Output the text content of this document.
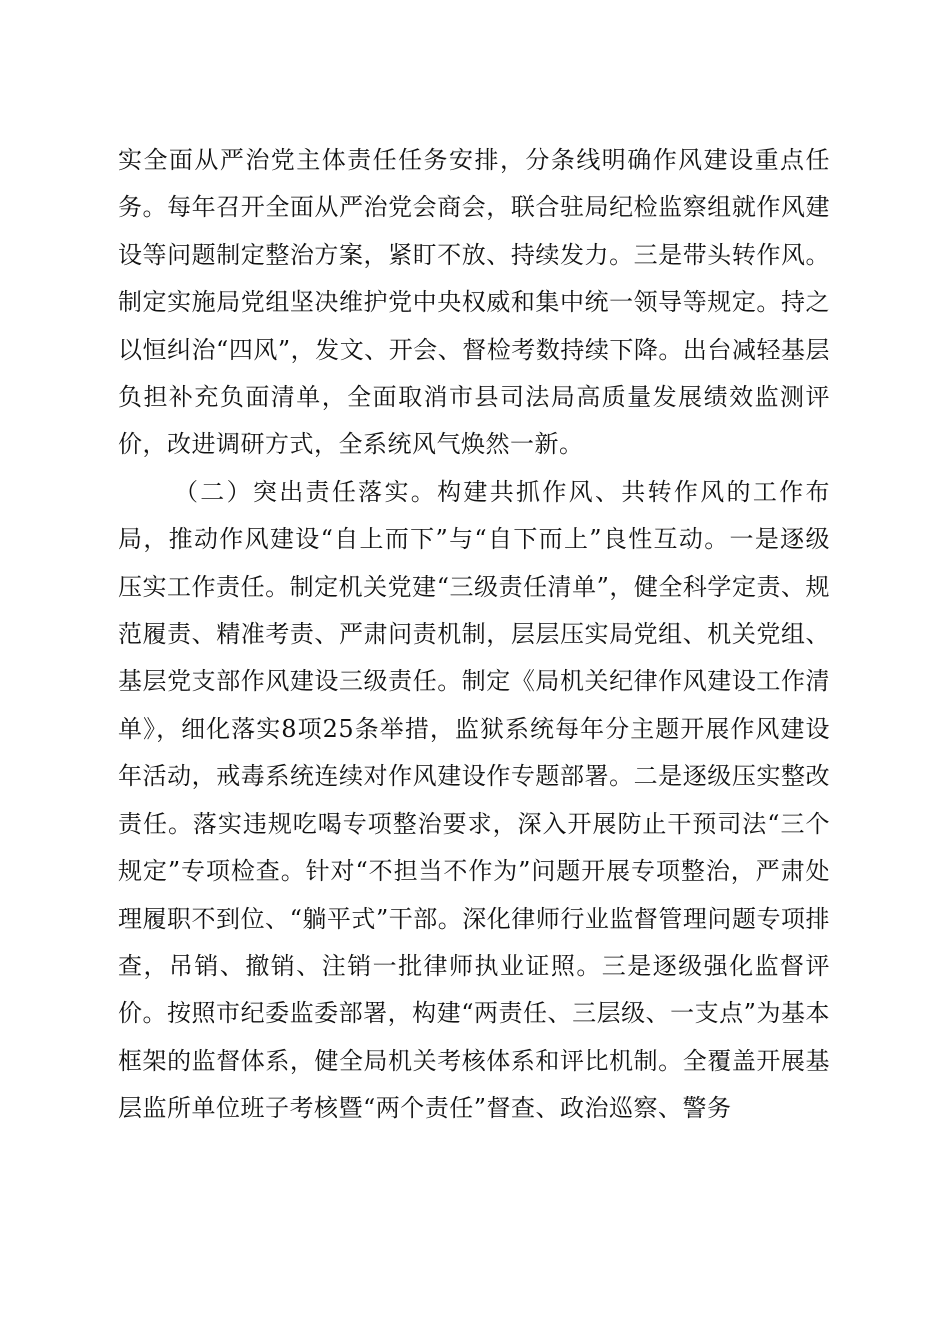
实全面从严治党主体责任任务安排，分条线明确作风建设重点任务。每年召开全面从严治党会商会，联合驻局纪检监察组就作风建设等问题制定整治方案，紧盯不放、持续发力。三是带头转作风。制定实施局党组坚决维护党中央权威和集中统一领导等规定。持之以恒纠治“四风”，发文、开会、督检考数持续下降。出台减轻基层负担补充负面清单，全面取消市县司法局高质量发展绩效监测评价，改进调研方式，全系统风气焕然一新。

（二）突出责任落实。构建共抓作风、共转作风的工作布局，推动作风建设“自上而下”与“自下而上”良性互动。一是逐级压实工作责任。制定机关党建“三级责任清单”，健全科学定责、规范履责、精准考责、严肃问责机制，层层压实局党组、机关党组、基层党支部作风建设三级责任。制定《局机关纪律作风建设工作清单》，细化落实8项25条举措，监狱系统每年分主题开展作风建设年活动，戒毒系统连续对作风建设作专题部署。二是逐级压实整改责任。落实违规吃喝专项整治要求，深入开展防止干预司法“三个规定”专项检查。针对“不担当不作为”问题开展专项整治，严肃处理履职不到位、“躺平式”干部。深化律师行业监督管理问题专项排查，吊销、撤销、注销一批律师执业证照。三是逐级强化监督评价。按照市纪委监委部署，构建“两责任、三层级、一支点”为基本框架的监督体系，健全局机关考核体系和评比机制。全覆盖开展基层监所单位班子考核暨“两个责任”督查、政治巡察、警务
